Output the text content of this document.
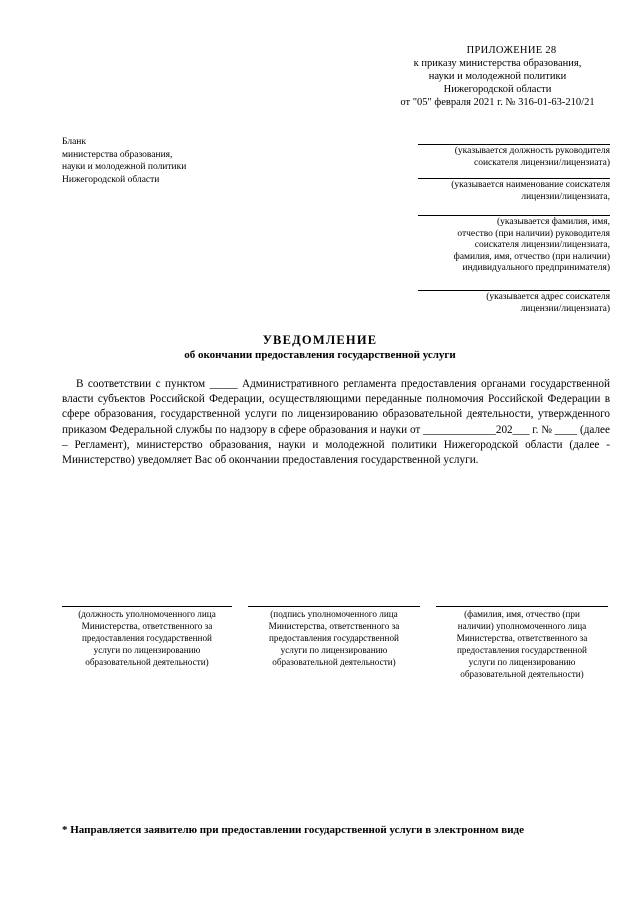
ПРИЛОЖЕНИЕ 28
к приказу министерства образования,
науки и молодежной политики
Нижегородской области
от "05" февраля 2021 г. № 316-01-63-210/21
Бланк
министерства образования,
науки и молодежной политики
Нижегородской области
(указывается должность руководителя
соискателя лицензии/лицензиата)
(указывается наименование соискателя
лицензии/лицензиата,
(указывается фамилия, имя,
отчество (при наличии) руководителя
соискателя лицензии/лицензиата,
фамилия, имя, отчество (при наличии)
индивидуального предпринимателя)
(указывается адрес соискателя
лицензии/лицензиата)
УВЕДОМЛЕНИЕ
об окончании предоставления государственной услуги
В соответствии с пунктом _____ Административного регламента предоставления органами государственной власти субъектов Российской Федерации, осуществляющими переданные полномочия Российской Федерации в сфере образования, государственной услуги по лицензированию образовательной деятельности, утвержденного приказом Федеральной службы по надзору в сфере образования и науки от _____________202___ г. № ____ (далее – Регламент), министерство образования, науки и молодежной политики Нижегородской области (далее - Министерство) уведомляет Вас об окончании предоставления государственной услуги.
(должность уполномоченного лица
Министерства, ответственного за
предоставления государственной
услуги по лицензированию
образовательной деятельности)
(подпись уполномоченного лица
Министерства, ответственного за
предоставления государственной
услуги по лицензированию
образовательной деятельности)
(фамилия, имя, отчество (при
наличии) уполномоченного лица
Министерства, ответственного за
предоставления государственной
услуги по лицензированию
образовательной деятельности)
* Направляется заявителю при предоставлении государственной услуги в электронном виде
